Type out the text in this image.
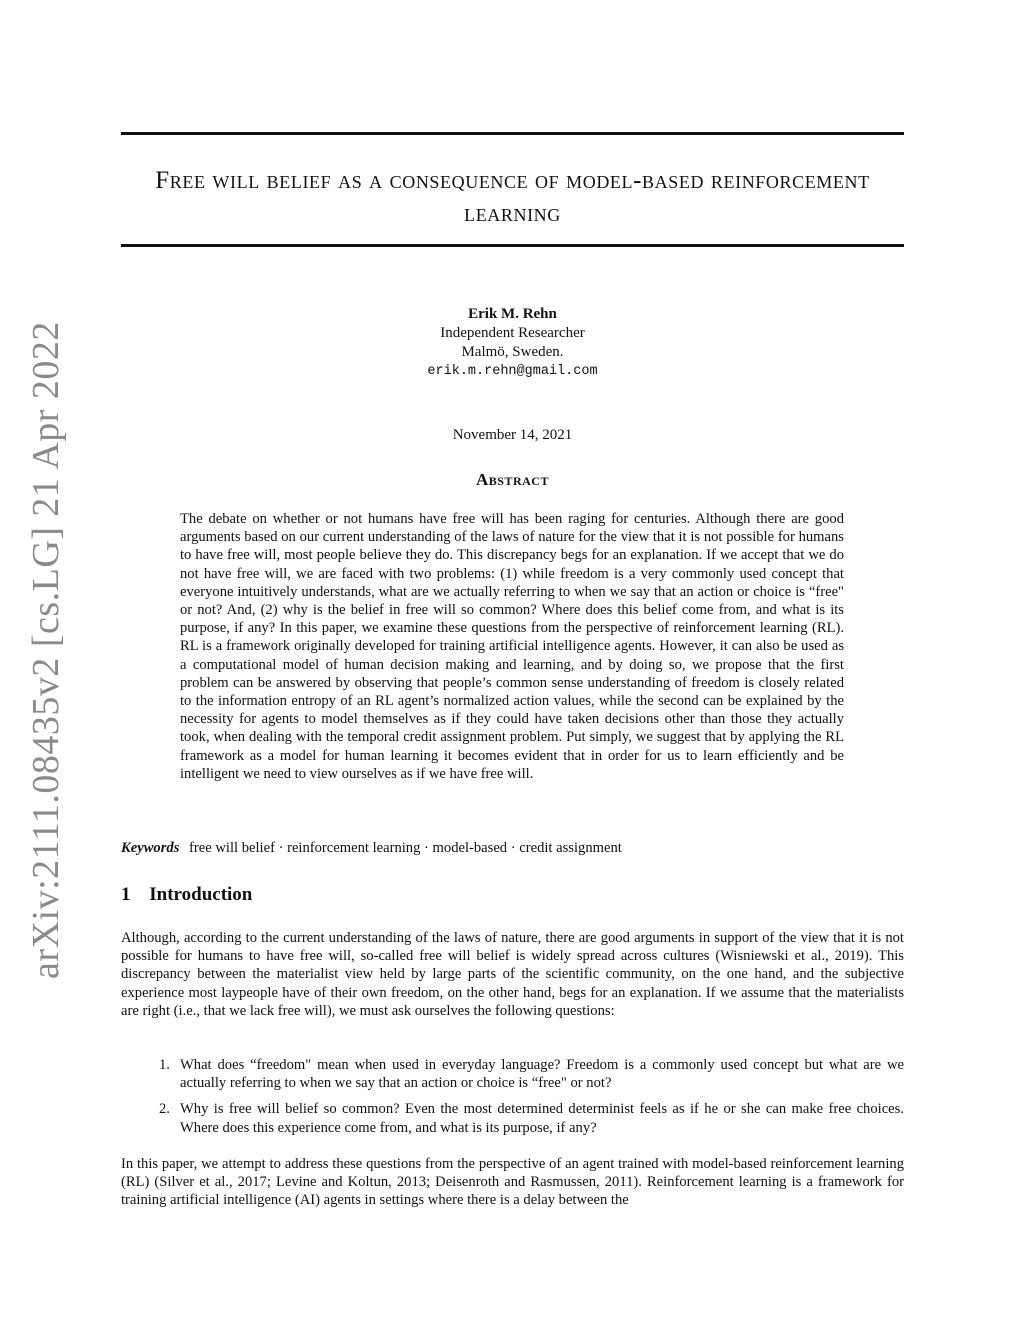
arXiv:2111.08435v2 [cs.LG] 21 Apr 2022
Free will belief as a consequence of model-based reinforcement learning
Erik M. Rehn
Independent Researcher
Malmö, Sweden.
erik.m.rehn@gmail.com
November 14, 2021
Abstract
The debate on whether or not humans have free will has been raging for centuries. Although there are good arguments based on our current understanding of the laws of nature for the view that it is not possible for humans to have free will, most people believe they do. This discrepancy begs for an explanation. If we accept that we do not have free will, we are faced with two problems: (1) while freedom is a very commonly used concept that everyone intuitively understands, what are we actually referring to when we say that an action or choice is “free" or not? And, (2) why is the belief in free will so common? Where does this belief come from, and what is its purpose, if any? In this paper, we examine these questions from the perspective of reinforcement learning (RL). RL is a framework originally developed for training artificial intelligence agents. However, it can also be used as a computational model of human decision making and learning, and by doing so, we propose that the first problem can be answered by observing that people’s common sense understanding of freedom is closely related to the information entropy of an RL agent’s normalized action values, while the second can be explained by the necessity for agents to model themselves as if they could have taken decisions other than those they actually took, when dealing with the temporal credit assignment problem. Put simply, we suggest that by applying the RL framework as a model for human learning it becomes evident that in order for us to learn efficiently and be intelligent we need to view ourselves as if we have free will.
Keywords free will belief · reinforcement learning · model-based · credit assignment
1 Introduction
Although, according to the current understanding of the laws of nature, there are good arguments in support of the view that it is not possible for humans to have free will, so-called free will belief is widely spread across cultures (Wisniewski et al., 2019). This discrepancy between the materialist view held by large parts of the scientific community, on the one hand, and the subjective experience most laypeople have of their own freedom, on the other hand, begs for an explanation. If we assume that the materialists are right (i.e., that we lack free will), we must ask ourselves the following questions:
1. What does “freedom" mean when used in everyday language? Freedom is a commonly used concept but what are we actually referring to when we say that an action or choice is “free" or not?
2. Why is free will belief so common? Even the most determined determinist feels as if he or she can make free choices. Where does this experience come from, and what is its purpose, if any?
In this paper, we attempt to address these questions from the perspective of an agent trained with model-based reinforcement learning (RL) (Silver et al., 2017; Levine and Koltun, 2013; Deisenroth and Rasmussen, 2011). Reinforcement learning is a framework for training artificial intelligence (AI) agents in settings where there is a delay between the
